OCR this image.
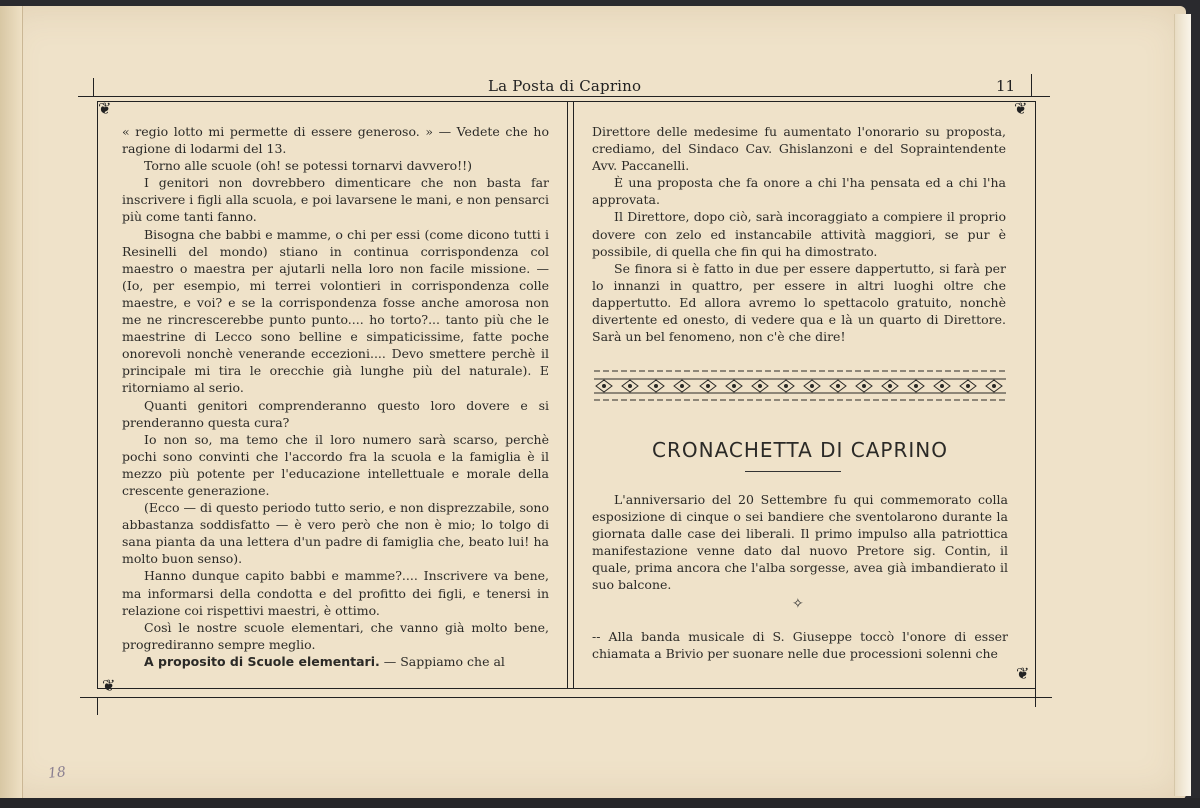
La Posta di Caprino	11
❦	❦
❦
❦

« regio lotto mi permette di essere generoso. » — Vedete che ho ragione di lodarmi del 13.

Torno alle scuole (oh! se potessi tornarvi davvero!!)

I genitori non dovrebbero dimenticare che non basta far inscrivere i figli alla scuola, e poi lavarsene le mani, e non pensarci più come tanti fanno.

Bisogna che babbi e mamme, o chi per essi (come dicono tutti i Resinelli del mondo) stiano in continua corrispondenza col maestro o maestra per ajutarli nella loro non facile missione. — (Io, per esempio, mi terrei volontieri in corrispondenza colle maestre, e voi? e se la corrispondenza fosse anche amorosa non me ne rincrescerebbe punto punto.... ho torto?... tanto più che le maestrine di Lecco sono belline e simpaticissime, fatte poche onorevoli nonchè venerande eccezioni.... Devo smettere perchè il principale mi tira le orecchie già lunghe più del naturale). E ritorniamo al serio.

Quanti genitori comprenderanno questo loro dovere e si prenderanno questa cura?

Io non so, ma temo che il loro numero sarà scarso, perchè pochi sono convinti che l'accordo fra la scuola e la famiglia è il mezzo più potente per l'educazione intellettuale e morale della crescente generazione.

(Ecco — di questo periodo tutto serio, e non disprezzabile, sono abbastanza soddisfatto — è vero però che non è mio; lo tolgo di sana pianta da una lettera d'un padre di famiglia che, beato lui! ha molto buon senso).

Hanno dunque capito babbi e mamme?.... Inscrivere va bene, ma informarsi della condotta e del profitto dei figli, e tenersi in relazione coi rispettivi maestri, è ottimo.

Così le nostre scuole elementari, che vanno già molto bene, progrediranno sempre meglio.

A proposito di Scuole elementari. — Sappiamo che al

Direttore delle medesime fu aumentato l'onorario su proposta, crediamo, del Sindaco Cav. Ghislanzoni e del Sopraintendente Avv. Paccanelli.

È una proposta che fa onore a chi l'ha pensata ed a chi l'ha approvata.

Il Direttore, dopo ciò, sarà incoraggiato a compiere il proprio dovere con zelo ed instancabile attività maggiori, se pur è possibile, di quella che fin qui ha dimostrato.

Se finora si è fatto in due per essere dappertutto, si farà per lo innanzi in quattro, per essere in altri luoghi oltre che dappertutto. Ed allora avremo lo spettacolo gratuito, nonchè divertente ed onesto, di vedere qua e là un quarto di Direttore. Sarà un bel fenomeno, non c'è che dire!

CRONACHETTA DI CAPRINO

L'anniversario del 20 Settembre fu qui commemorato colla esposizione di cinque o sei bandiere che sventolarono durante la giornata dalle case dei liberali. Il primo impulso alla patriottica manifestazione venne dato dal nuovo Pretore sig. Contin, il quale, prima ancora che l'alba sorgesse, avea già imbandierato il suo balcone.

✧

-- Alla banda musicale di S. Giuseppe toccò l'onore di esser chiamata a Brivio per suonare nelle due processioni solenni che

18
